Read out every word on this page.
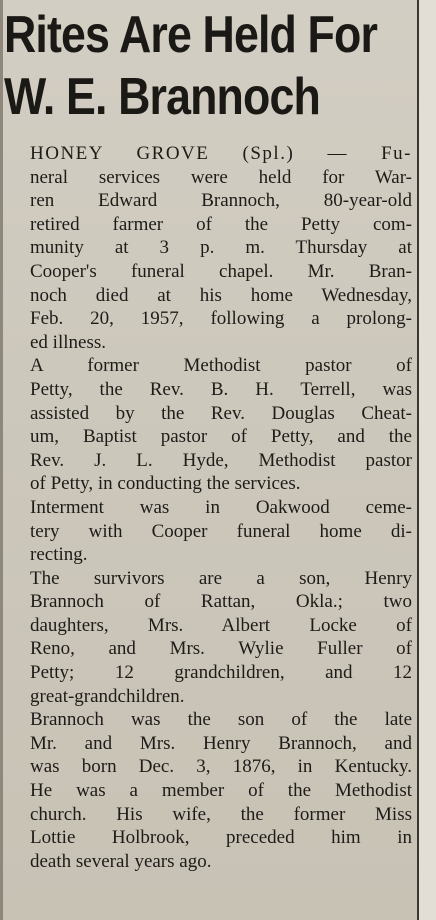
Rites Are Held For
W. E. Brannoch

HONEY GROVE (Spl.) — Fu-
neral services were held for War-
ren Edward Brannoch, 80-year-old
retired farmer of the Petty com-
munity at 3 p. m. Thursday at
Cooper's funeral chapel. Mr. Bran-
noch died at his home Wednesday,
Feb. 20, 1957, following a prolong-
ed illness.

A former Methodist pastor of
Petty, the Rev. B. H. Terrell, was
assisted by the Rev. Douglas Cheat-
um, Baptist pastor of Petty, and the
Rev. J. L. Hyde, Methodist pastor
of Petty, in conducting the services.

Interment was in Oakwood ceme-
tery with Cooper funeral home di-
recting.

The survivors are a son, Henry
Brannoch of Rattan, Okla.; two
daughters, Mrs. Albert Locke of
Reno, and Mrs. Wylie Fuller of
Petty; 12 grandchildren, and 12
great-grandchildren.

Brannoch was the son of the late
Mr. and Mrs. Henry Brannoch, and
was born Dec. 3, 1876, in Kentucky.
He was a member of the Methodist
church. His wife, the former Miss
Lottie Holbrook, preceded him in
death several years ago.
